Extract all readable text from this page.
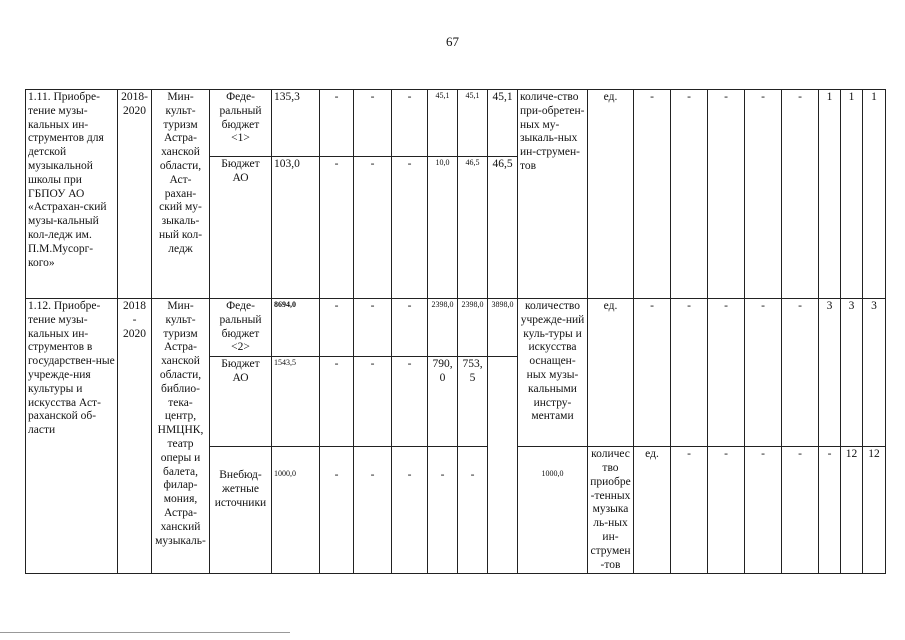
67
1.11. Приобре-тение музы-кальных ин-струментов для детской музыкальной школы при ГБПОУ АО «Астрахан-ский музы-кальный кол-ледж им. П.М.Мусорг-кого»	2018-2020	Мин-культ-туризм Астра-ханской области, Аст-рахан-ский му-зыкаль-ный кол-ледж	Феде-ральный бюджет <1>	135,3	-	-	-	45,1	45,1	45,1	количе-ство при-обретен-ных му-зыкаль-ных ин-струмен-тов	ед.	-	-	-	-	-	1	1	1	
			Бюджет АО	103,0	-	-	-	10,0	46,5	46,5											
1.12. Приобре-тение музы-кальных ин-струментов в государствен-ные учрежде-ния культуры и искусства Аст-раханской об-ласти	2018 - 2020	Мин-культ-туризм Астра-ханской области, библио-тека-центр, НМЦНК, театр оперы и балета, филар-мония, Астра-ханский музыкаль-	Феде-ральный бюджет <2>	8694,0	-	-	-	2398,0	2398,0	3898,0	количество учрежде-ний куль-туры и искусства оснащен-ных музы-кальными инстру-ментами	ед.	-	-	-	-	-	3	3	3	
			Бюджет АО	1543,5	-	-	-	790,0	753,5												
			Внебюд-жетные источники	1000,0	-	-	-	-	-		1000,0	количество приобре-тенных музыкаль-ных ин-струмен-тов	ед.	-	-	-	-	-	12	12	
